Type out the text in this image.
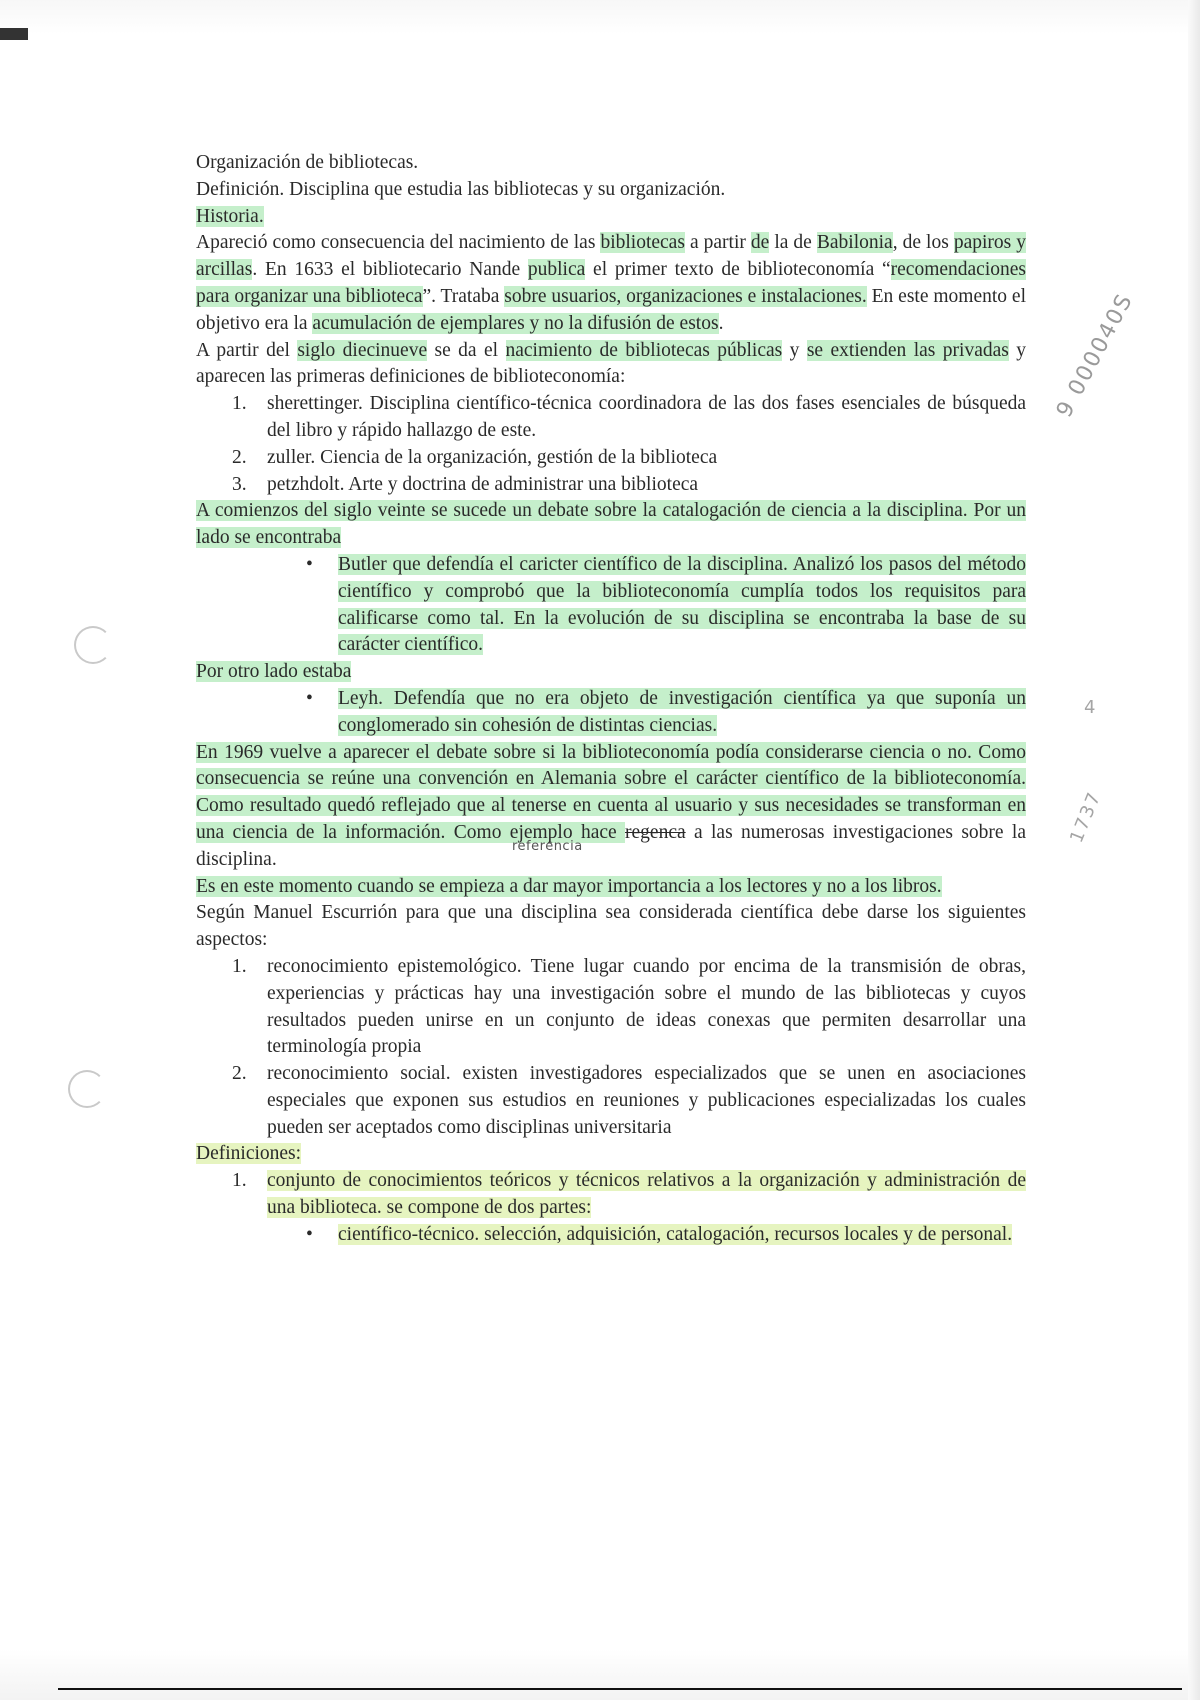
9 000040S
4
1737

Organización de bibliotecas.

Definición. Disciplina que estudia las bibliotecas y su organización.

Historia.

Apareció como consecuencia del nacimiento de las bibliotecas a partir de la de Babilonia, de los papiros y arcillas. En 1633 el bibliotecario Nande publica el primer texto de biblioteconomía “recomendaciones para organizar una biblioteca”. Trataba sobre usuarios, organizaciones e instalaciones. En este momento el objetivo era la acumulación de ejemplares y no la difusión de estos.

A partir del siglo diecinueve se da el nacimiento de bibliotecas públicas y se extienden las privadas y aparecen las primeras definiciones de biblioteconomía:

1. sherettinger. Disciplina científico-técnica coordinadora de las dos fases esenciales de búsqueda del libro y rápido hallazgo de este.
2. zuller. Ciencia de la organización, gestión de la biblioteca
3. petzhdolt. Arte y doctrina de administrar una biblioteca

A comienzos del siglo veinte se sucede un debate sobre la catalogación de ciencia a la disciplina. Por un lado se encontraba

• Butler que defendía el caricter científico de la disciplina. Analizó los pasos del método científico y comprobó que la biblioteconomía cumplía todos los requisitos para calificarse como tal. En la evolución de su disciplina se encontraba la base de su carácter científico.

Por otro lado estaba

• Leyh. Defendía que no era objeto de investigación científica ya que suponía un conglomerado sin cohesión de distintas ciencias.

En 1969 vuelve a aparecer el debate sobre si la biblioteconomía podía considerarse ciencia o no. Como consecuencia se reúne una convención en Alemania sobre el carácter científico de la biblioteconomía. Como resultado quedó reflejado que al tenerse en cuenta al usuario y sus necesidades se transforman en una ciencia de la información. Como ejemplo hace regenca a las numerosas investigaciones sobre la disciplina.
referencia

Es en este momento cuando se empieza a dar mayor importancia a los lectores y no a los libros.

Según Manuel Escurrión para que una disciplina sea considerada científica debe darse los siguientes aspectos:

1. reconocimiento epistemológico. Tiene lugar cuando por encima de la transmisión de obras, experiencias y prácticas hay una investigación sobre el mundo de las bibliotecas y cuyos resultados pueden unirse en un conjunto de ideas conexas que permiten desarrollar una terminología propia
2. reconocimiento social. existen investigadores especializados que se unen en asociaciones especiales que exponen sus estudios en reuniones y publicaciones especializadas los cuales pueden ser aceptados como disciplinas universitaria

Definiciones:

1. conjunto de conocimientos teóricos y técnicos relativos a la organización y administración de una biblioteca. se compone de dos partes:
• científico-técnico. selección, adquisición, catalogación, recursos locales y de personal.
